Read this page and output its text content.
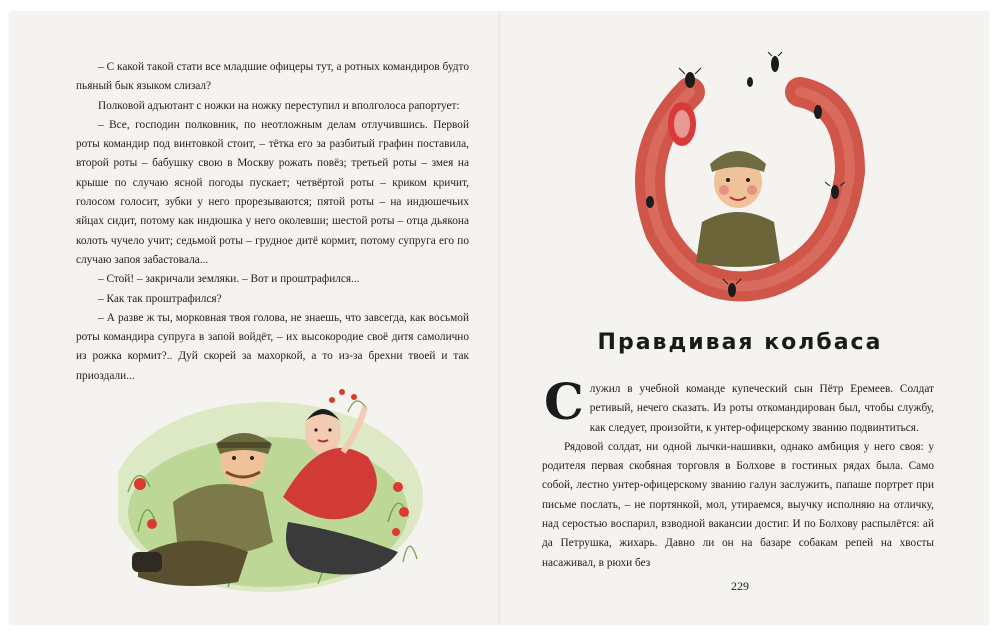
– С какой такой стати все младшие офицеры тут, а ротных командиров будто пьяный бык языком слизал?

Полковой адъютант с ножки на ножку переступил и вполголоса рапортует:

– Все, господин полковник, по неотложным делам отлучившись. Первой роты командир под винтовкой стоит, – тётка его за разбитый графин поставила, второй роты – бабушку свою в Москву рожать повёз; третьей роты – змея на крыше по случаю ясной погоды пускает; четвёртой роты – криком кричит, голосом голосит, зубки у него прорезываются; пятой роты – на индюшечьих яйцах сидит, потому как индюшка у него околевши; шестой роты – отца дьякона колоть чучело учит; седьмой роты – грудное дитё кормит, потому супруга его по случаю запоя забастовала...

– Стой! – закричали земляки. – Вот и проштрафился...

– Как так проштрафился?

– А разве ж ты, морковная твоя голова, не знаешь, что завсегда, как восьмой роты командира супруга в запой войдёт, – их высокородие своё дитя самолично из рожка кормит?.. Дуй скорей за махоркой, а то из-за брехни твоей и так приоздали...

Правдивая колбаса

Служил в учебной команде купеческий сын Пётр Еремеев. Солдат ретивый, нечего сказать. Из роты откомандирован был, чтобы службу, как следует, произойти, к унтер-офицерскому званию подвинтиться.

Рядовой солдат, ни одной лычки-нашивки, однако амбиция у него своя: у родителя первая скобяная торговля в Болхове в гостиных рядах была. Само собой, лестно унтер-офицерскому званию галун заслужить, папаше портрет при письме послать, – не портянкой, мол, утираемся, выучку исполняю на отличку, над серостью воспарил, взводной вакансии достиг. И по Болхову распылётся: ай да Петрушка, жихарь. Давно ли он на базаре собакам репей на хвосты насаживал, в рюхи без

229
